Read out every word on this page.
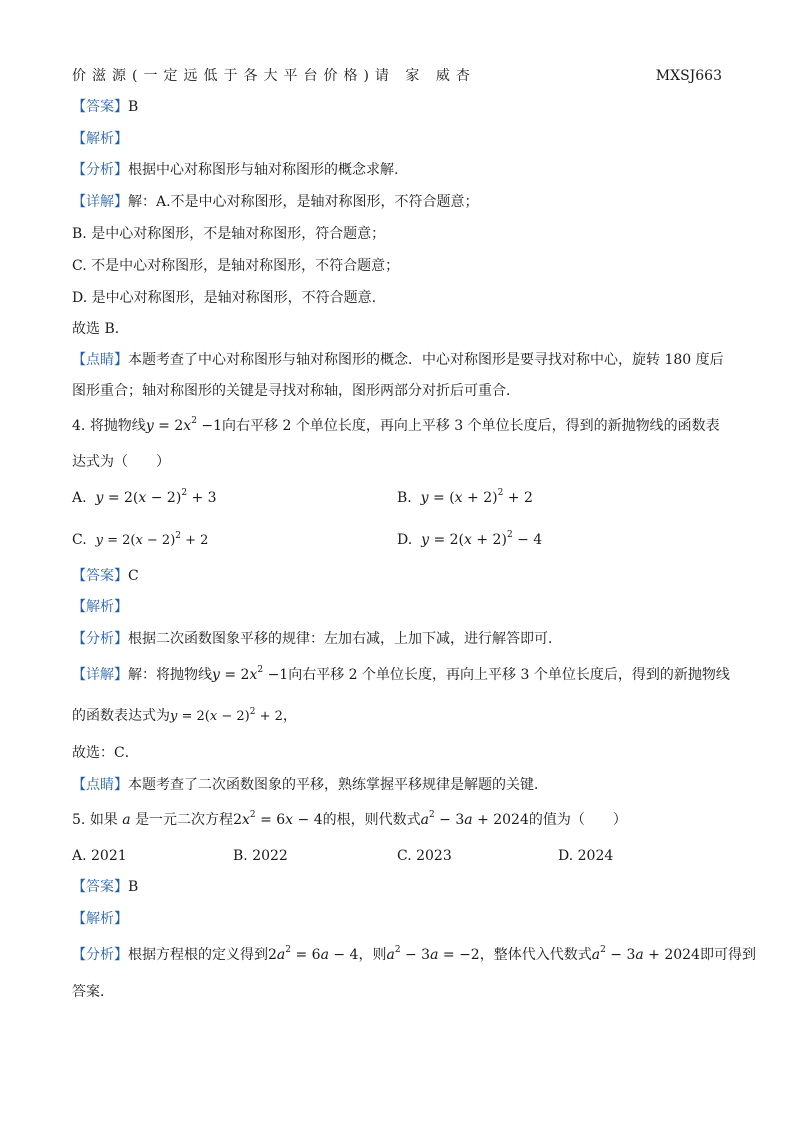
价滋源(一定远低于各大平台价格)请 家 威杏	MXSJ663
【答案】B
【解析】
【分析】根据中心对称图形与轴对称图形的概念求解.
【详解】解：A.不是中心对称图形，是轴对称图形，不符合题意；
B. 是中心对称图形，不是轴对称图形，符合题意；
C. 不是中心对称图形，是轴对称图形，不符合题意；
D. 是中心对称图形，是轴对称图形，不符合题意.
故选 B．
【点睛】本题考查了中心对称图形与轴对称图形的概念．中心对称图形是要寻找对称中心，旋转 180 度后
图形重合；轴对称图形的关键是寻找对称轴，图形两部分对折后可重合．
4. 将抛物线$y = 2x^2 -1$向右平移 2 个单位长度，再向上平移 3 个单位长度后，得到的新抛物线的函数表
达式为（　　）
A. $y = 2(x - 2)^2 + 3$	B. $y = (x + 2)^2 + 2$
C. $y = 2(x - 2)^2 + 2$	D. $y = 2(x + 2)^2 - 4$
【答案】C
【解析】
【分析】根据二次函数图象平移的规律：左加右减，上加下减，进行解答即可．
【详解】解：将抛物线$y = 2x^2 -1$向右平移 2 个单位长度，再向上平移 3 个单位长度后，得到的新抛物线
的函数表达式为$y = 2(x - 2)^2 + 2$，
故选：C．
【点睛】本题考查了二次函数图象的平移，熟练掌握平移规律是解题的关键．
5. 如果 a 是一元二次方程$2x^2 = 6x - 4$的根，则代数式$a^2 - 3a + 2024$的值为（　　）
A. 2021	B. 2022	C. 2023	D. 2024
【答案】B
【解析】
【分析】根据方程根的定义得到$2a^2 = 6a - 4$，则$a^2 - 3a = -2$，整体代入代数式$a^2 - 3a + 2024$即可得到
答案．
